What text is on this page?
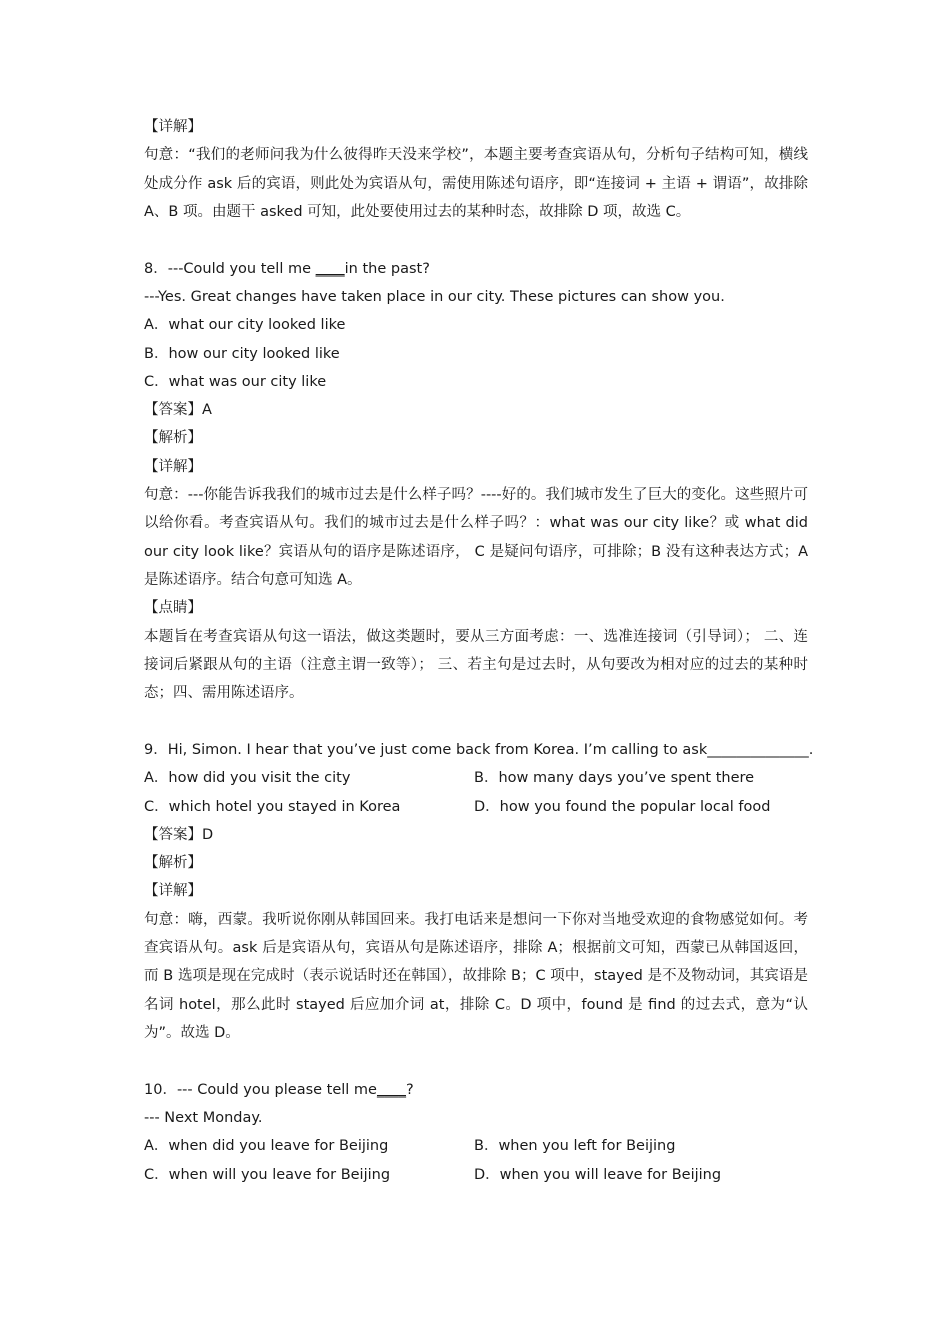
【详解】
句意：“我们的老师问我为什么彼得昨天没来学校”，本题主要考查宾语从句，分析句子结构可知，横线处成分作 ask 后的宾语，则此处为宾语从句，需使用陈述句语序，即“连接词 + 主语 + 谓语”，故排除 A、B 项。由题干 asked 可知，此处要使用过去的某种时态，故排除 D 项，故选 C。
8．---Could you tell me ____in the past?
---Yes. Great changes have taken place in our city. These pictures can show you.
A．what our city looked like
B．how our city looked like
C．what was our city like
【答案】A
【解析】
【详解】
句意：---你能告诉我我们的城市过去是什么样子吗？----好的。我们城市发生了巨大的变化。这些照片可以给你看。考查宾语从句。我们的城市过去是什么样子吗？：what was our city like？或 what did our city look like？宾语从句的语序是陈述语序， C 是疑问句语序，可排除；B 没有这种表达方式；A 是陈述语序。结合句意可知选 A。
【点睛】
本题旨在考查宾语从句这一语法，做这类题时，要从三方面考虑：一、选准连接词（引导词）； 二、连接词后紧跟从句的主语（注意主谓一致等）； 三、若主句是过去时，从句要改为相对应的过去的某种时态；四、需用陈述语序。
9．Hi, Simon. I hear that you’ve just come back from Korea. I’m calling to ask______________.
A．how did you visit the city	B．how many days you’ve spent there
C．which hotel you stayed in Korea	D．how you found the popular local food
【答案】D
【解析】
【详解】
句意：嗨，西蒙。我听说你刚从韩国回来。我打电话来是想问一下你对当地受欢迎的食物感觉如何。考查宾语从句。ask 后是宾语从句，宾语从句是陈述语序，排除 A；根据前文可知，西蒙已从韩国返回，而 B 选项是现在完成时（表示说话时还在韩国），故排除 B；C 项中，stayed 是不及物动词，其宾语是名词 hotel，那么此时 stayed 后应加介词 at，排除 C。D 项中，found 是 find 的过去式，意为“认为”。故选 D。
10．--- Could you please tell me____?
--- Next Monday.
A．when did you leave for Beijing	B．when you left for Beijing
C．when will you leave for Beijing	D．when you will leave for Beijing
